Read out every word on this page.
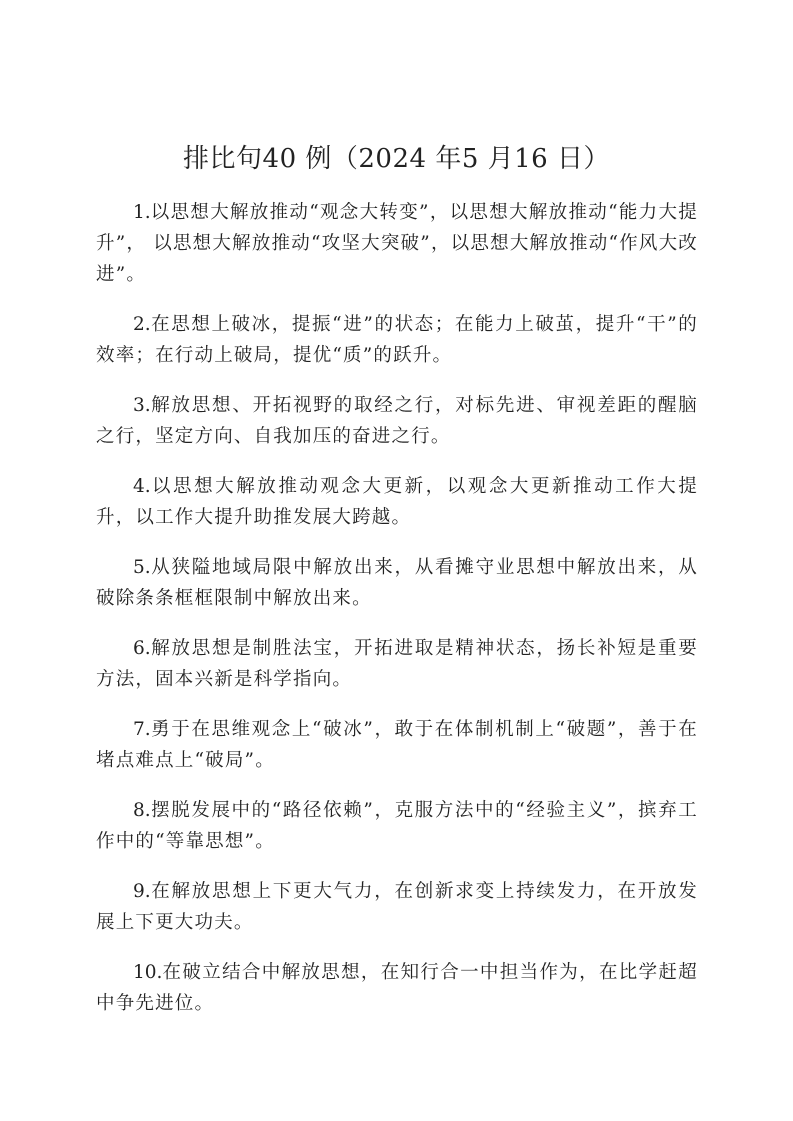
排比句40 例（2024 年5 月16 日）

1.以思想大解放推动“观念大转变”，以思想大解放推动“能力大提升”， 以思想大解放推动“攻坚大突破”，以思想大解放推动“作风大改进”。

2.在思想上破冰，提振“进”的状态；在能力上破茧，提升“干”的效率；在行动上破局，提优“质”的跃升。

3.解放思想、开拓视野的取经之行，对标先进、审视差距的醒脑之行，坚定方向、自我加压的奋进之行。

4.以思想大解放推动观念大更新，以观念大更新推动工作大提升，以工作大提升助推发展大跨越。

5.从狭隘地域局限中解放出来，从看摊守业思想中解放出来，从破除条条框框限制中解放出来。

6.解放思想是制胜法宝，开拓进取是精神状态，扬长补短是重要方法，固本兴新是科学指向。

7.勇于在思维观念上“破冰”，敢于在体制机制上“破题”，善于在堵点难点上“破局”。

8.摆脱发展中的“路径依赖”，克服方法中的“经验主义”，摈弃工作中的“等靠思想”。

9.在解放思想上下更大气力，在创新求变上持续发力，在开放发展上下更大功夫。

10.在破立结合中解放思想，在知行合一中担当作为，在比学赶超中争先进位。
